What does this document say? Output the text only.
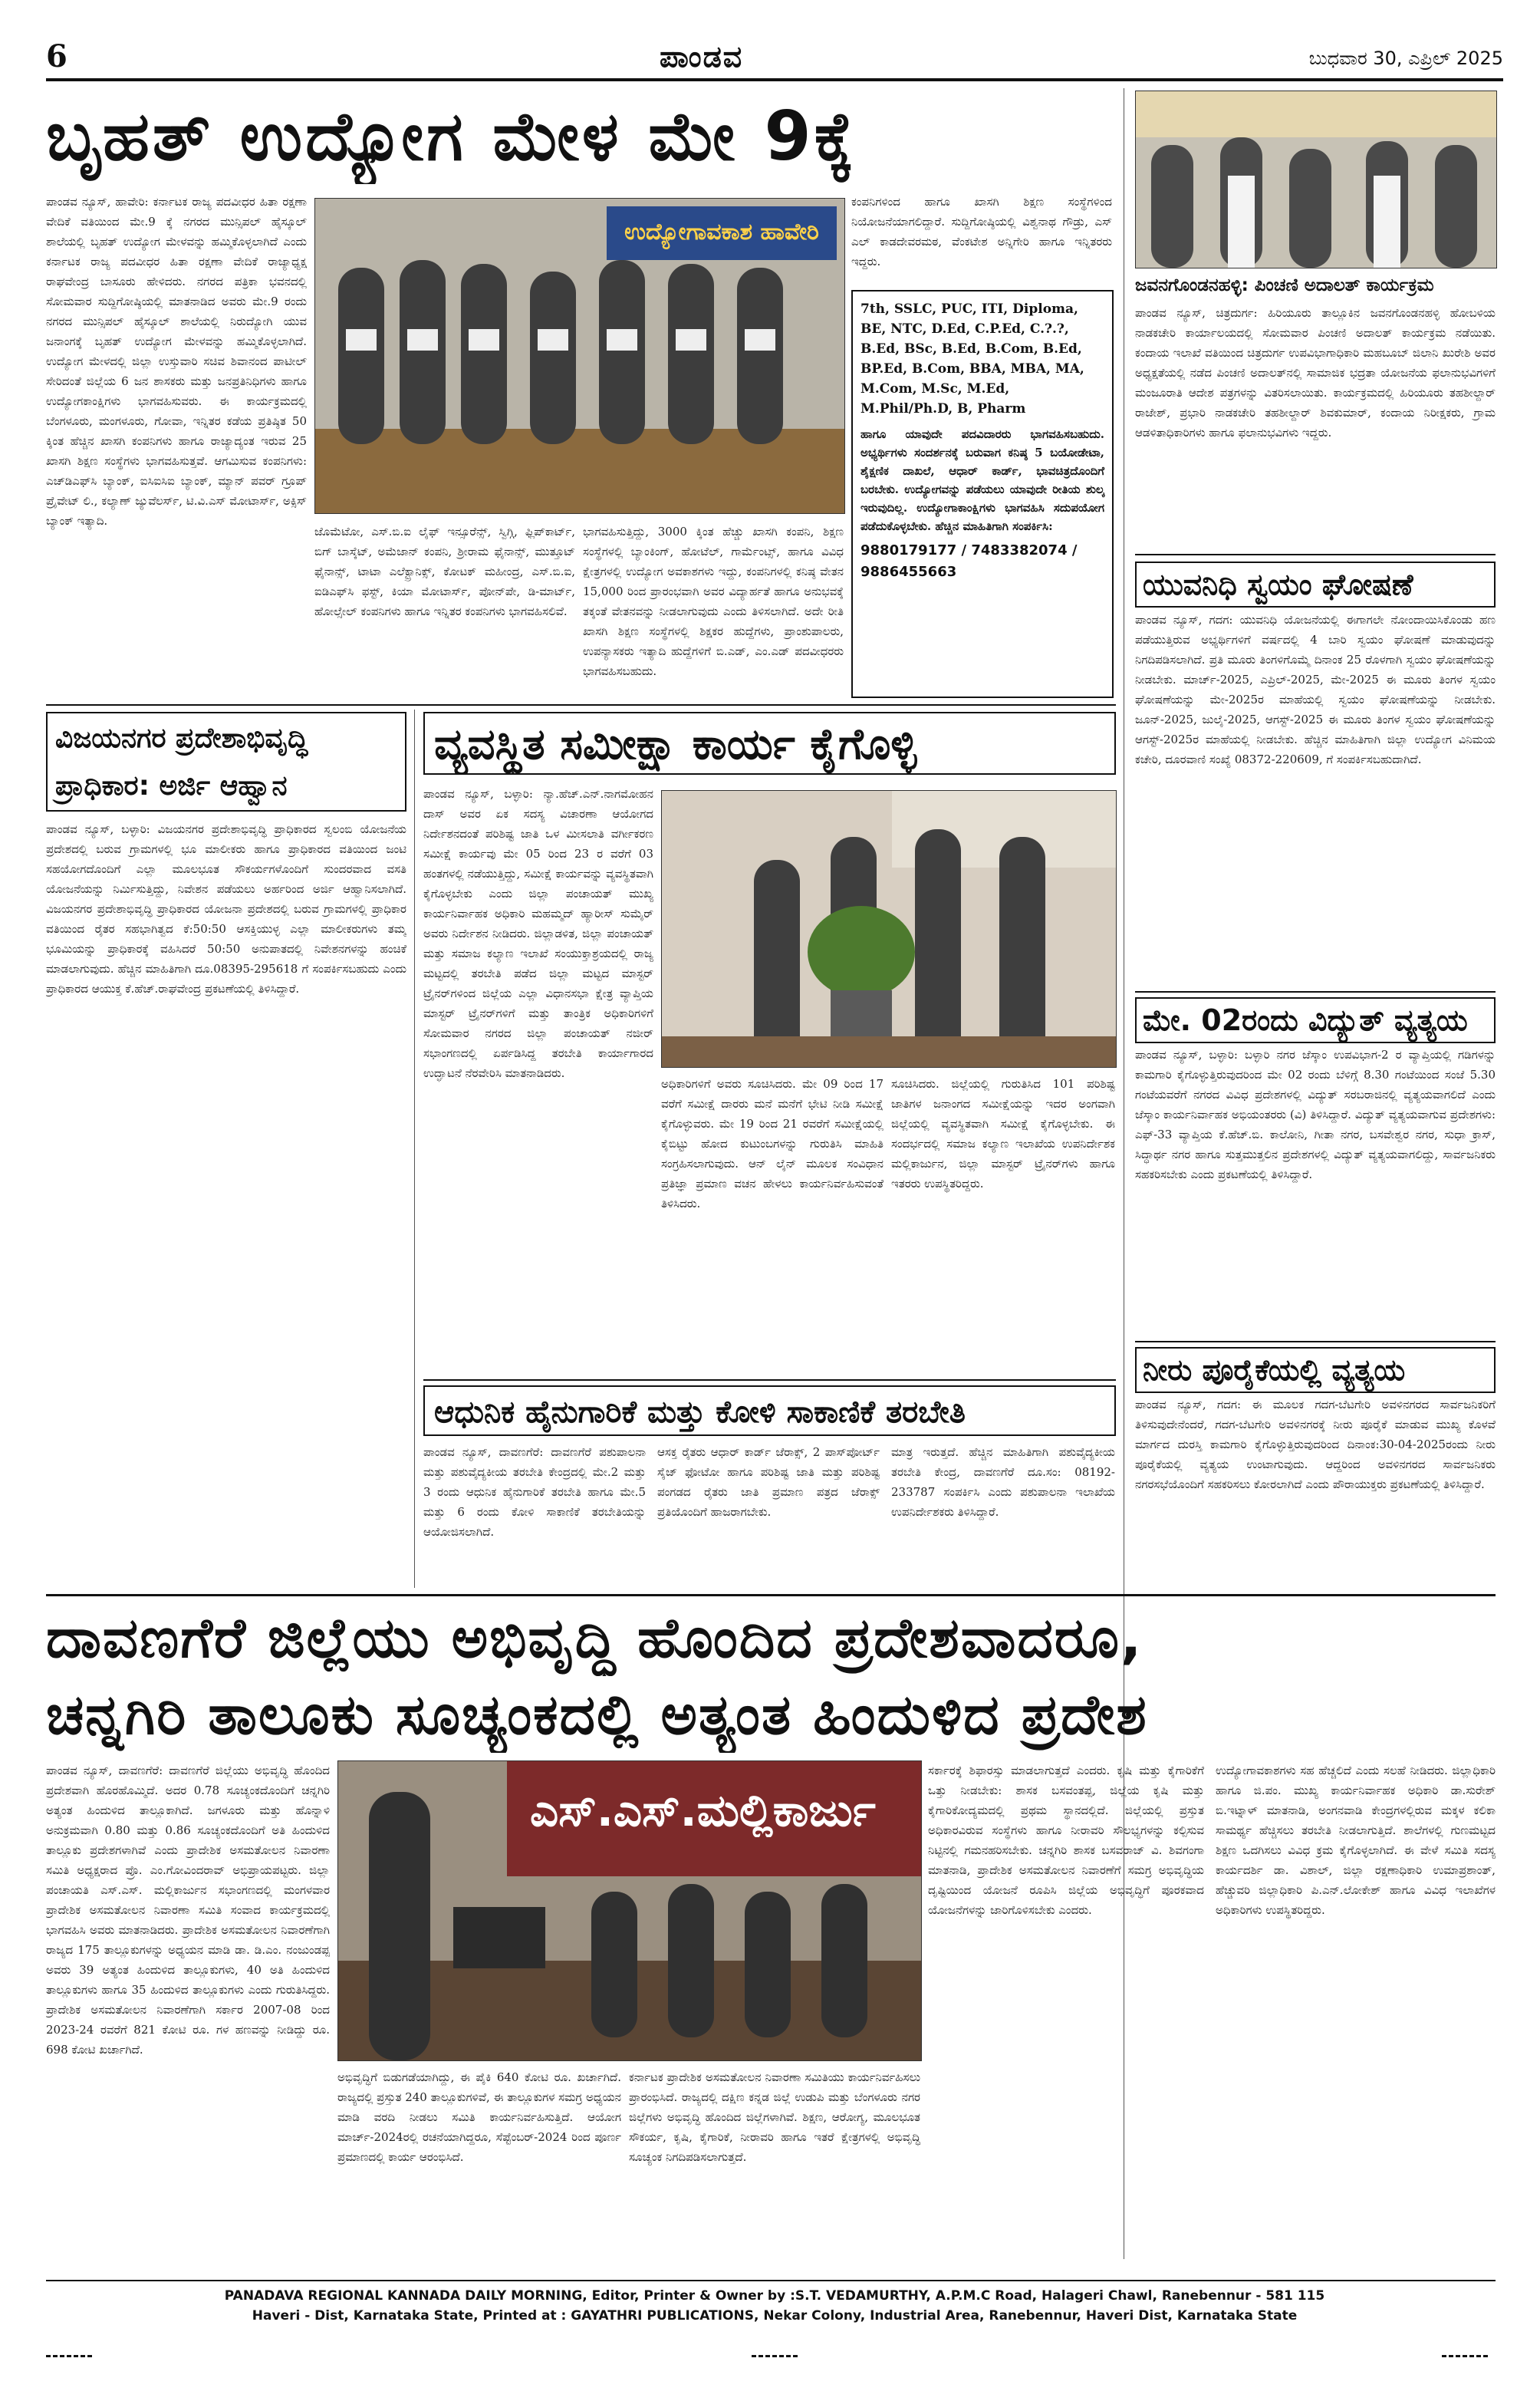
6	ಪಾಂಡವ	ಬುಧವಾರ 30, ಎಪ್ರಿಲ್ 2025
ಬೃಹತ್ ಉದ್ಯೋಗ ಮೇಳ ಮೇ 9ಕ್ಕೆ
ಪಾಂಡವ ನ್ಯೂಸ್, ಹಾವೇರಿ: ಕರ್ನಾಟಕ ರಾಜ್ಯ ಪದವೀಧರ ಹಿತಾ ರಕ್ಷಣಾ ವೇದಿಕೆ ವತಿಯಿಂದ ಮೇ.9 ಕ್ಕೆ ನಗರದ ಮುನ್ಸಿಪಲ್ ಹೈಸ್ಕೂಲ್ ಶಾಲೆಯಲ್ಲಿ ಬೃಹತ್ ಉದ್ಯೋಗ ಮೇಳವನ್ನು ಹಮ್ಮಿಕೊಳ್ಳಲಾಗಿದೆ ಎಂದು ಕರ್ನಾಟಕ ರಾಜ್ಯ ಪದವೀಧರ ಹಿತಾ ರಕ್ಷಣಾ ವೇದಿಕೆ ರಾಜ್ಯಾಧ್ಯಕ್ಷ ರಾಘವೇಂದ್ರ ಬಾಸೂರು ಹೇಳಿದರು. ನಗರದ ಪತ್ರಿಕಾ ಭವನದಲ್ಲಿ ಸೋಮವಾರ ಸುದ್ದಿಗೋಷ್ಠಿಯಲ್ಲಿ ಮಾತನಾಡಿದ ಅವರು ಮೇ.9 ರಂದು ನಗರದ ಮುನ್ಸಿಪಲ್ ಹೈಸ್ಕೂಲ್ ಶಾಲೆಯಲ್ಲಿ ನಿರುದ್ಯೋಗಿ ಯುವ ಜನಾಂಗಕ್ಕೆ ಬೃಹತ್ ಉದ್ಯೋಗ ಮೇಳವನ್ನು ಹಮ್ಮಿಕೊಳ್ಳಲಾಗಿದೆ. ಉದ್ಯೋಗ ಮೇಳದಲ್ಲಿ ಜಿಲ್ಲಾ ಉಸ್ತುವಾರಿ ಸಚಿವ ಶಿವಾನಂದ ಪಾಟೀಲ್ ಸೇರಿದಂತೆ ಜಿಲ್ಲೆಯ 6 ಜನ ಶಾಸಕರು ಮತ್ತು ಜನಪ್ರತಿನಿಧಿಗಳು ಹಾಗೂ ಉದ್ಯೋಗಕಾಂಕ್ಷಿಗಳು ಭಾಗವಹಿಸುವರು. ಈ ಕಾರ್ಯಕ್ರಮದಲ್ಲಿ ಬೆಂಗಳೂರು, ಮಂಗಳೂರು, ಗೋವಾ, ಇನ್ನಿತರ ಕಡೆಯ ಪ್ರತಿಷ್ಠಿತ 50 ಕ್ಕಿಂತ ಹೆಚ್ಚಿನ ಖಾಸಗಿ ಕಂಪನಿಗಳು ಹಾಗೂ ರಾಜ್ಯಾದ್ಯಂತ ಇರುವ 25 ಖಾಸಗಿ ಶಿಕ್ಷಣ ಸಂಸ್ಥೆಗಳು ಭಾಗವಹಿಸುತ್ತವೆ. ಆಗಮಿಸುವ ಕಂಪನಿಗಳು: ಎಚ್‌ಡಿ‌ಎಫ್‌ಸಿ ಬ್ಯಾಂಕ್, ಐಸಿಐಸಿಐ ಬ್ಯಾಂಕ್, ಮ್ಯಾನ್ ಪವರ್ ಗ್ರೂಪ್ ಪ್ರೈವೇಟ್ ಲಿ., ಕಲ್ಯಾಣ್ ಜ್ಯುವೆಲರ್ಸ್, ಟಿ.ವಿ.ಎಸ್ ಮೋಟಾರ್ಸ್, ಅಕ್ಸಿಸ್ ಬ್ಯಾಂಕ್ ಇತ್ಯಾದಿ.
ಉದ್ಯೋಗಾವಕಾಶ ಹಾವೇರಿ
ಜೊಮೆಟೋ, ಎಸ್.ಬಿ.ಐ ಲೈಫ್ ಇನ್ಸೂರೆನ್ಸ್, ಸ್ವಿಗ್ಗಿ, ಫ್ಲಿಪ್‌ಕಾರ್ಟ್, ಬಿಗ್ ಬಾಸ್ಕೆಟ್, ಅಮೆಜಾನ್ ಕಂಪನಿ, ಶ್ರೀರಾಮ ಫೈನಾನ್ಸ್, ಮುತ್ತೂಟ್ ಫೈನಾನ್ಸ್, ಟಾಟಾ ಎಲೆಕ್ಟ್ರಾನಿಕ್ಸ್, ಕೋಟಕ್ ಮಹೀಂದ್ರ, ಎಸ್.ಬಿ.ಐ, ಐಡಿಎಫ್‌ಸಿ ಫಸ್ಟ್, ಕಿಯಾ ಮೋಟಾರ್ಸ್, ಪೋನ್‌ಪೇ, ಡಿ-ಮಾರ್ಟ್, ಹೋಲ್ಸೇಲ್ ಕಂಪನಿಗಳು ಹಾಗೂ ಇನ್ನಿತರ ಕಂಪನಿಗಳು ಭಾಗವಹಿಸಲಿವೆ.
ಭಾಗವಹಿಸುತ್ತಿದ್ದು, 3000 ಕ್ಕಿಂತ ಹೆಚ್ಚು ಖಾಸಗಿ ಕಂಪನಿ, ಶಿಕ್ಷಣ ಸಂಸ್ಥೆಗಳಲ್ಲಿ ಬ್ಯಾಂಕಿಂಗ್, ಹೋಟೆಲ್, ಗಾರ್ಮೆಂಟ್ಸ್, ಹಾಗೂ ವಿವಿಧ ಕ್ಷೇತ್ರಗಳಲ್ಲಿ ಉದ್ಯೋಗ ಅವಕಾಶಗಳು ಇದ್ದು, ಕಂಪನಿಗಳಲ್ಲಿ ಕನಿಷ್ಠ ವೇತನ 15,000 ರಿಂದ ಪ್ರಾರಂಭವಾಗಿ ಅವರ ವಿದ್ಯಾರ್ಹತೆ ಹಾಗೂ ಅನುಭವಕ್ಕೆ ತಕ್ಕಂತೆ ವೇತನವನ್ನು ನೀಡಲಾಗುವುದು ಎಂದು ತಿಳಿಸಲಾಗಿದೆ. ಅದೇ ರೀತಿ ಖಾಸಗಿ ಶಿಕ್ಷಣ ಸಂಸ್ಥೆಗಳಲ್ಲಿ ಶಿಕ್ಷಕರ ಹುದ್ದೆಗಳು, ಪ್ರಾಂಶುಪಾಲರು, ಉಪನ್ಯಾಸಕರು ಇತ್ಯಾದಿ ಹುದ್ದೆಗಳಿಗೆ ಬಿ.ಎಡ್, ಎಂ.ಎಡ್ ಪದವೀಧರರು ಭಾಗವಹಿಸಬಹುದು.
ಕಂಪನಿಗಳಿಂದ ಹಾಗೂ ಖಾಸಗಿ ಶಿಕ್ಷಣ ಸಂಸ್ಥೆಗಳಿಂದ ನಿಯೋಜನೆಯಾಗಲಿದ್ದಾರೆ. ಸುದ್ದಿಗೋಷ್ಠಿಯಲ್ಲಿ ವಿಶ್ವನಾಥ ಗೌಡ್ರು, ಎಸ್ ಎಲ್ ಕಾಡದೇವರಮಠ, ವೆಂಕಟೇಶ ಅನ್ನಿಗೇರಿ ಹಾಗೂ ಇನ್ನಿತರರು ಇದ್ದರು.
7th, SSLC, PUC, ITI, Diploma, BE, NTC, D.Ed, C.P.Ed, C.?.?, B.Ed, BSc, B.Ed, B.Com, B.Ed, BP.Ed, B.Com, BBA, MBA, MA, M.Com, M.Sc, M.Ed, M.Phil/Ph.D, B, Pharm
ಹಾಗೂ ಯಾವುದೇ ಪದವಿದಾರರು ಭಾಗವಹಿಸಬಹುದು. ಅಭ್ಯರ್ಥಿಗಳು ಸಂದರ್ಶನಕ್ಕೆ ಬರುವಾಗ ಕನಿಷ್ಠ 5 ಬಯೋಡೇಟಾ, ಶೈಕ್ಷಣಿಕ ದಾಖಲೆ, ಆಧಾರ್ ಕಾರ್ಡ್, ಭಾವಚಿತ್ರದೊಂದಿಗೆ ಬರಬೇಕು. ಉದ್ಯೋಗವನ್ನು ಪಡೆಯಲು ಯಾವುದೇ ರೀತಿಯ ಶುಲ್ಕ ಇರುವುದಿಲ್ಲ. ಉದ್ಯೋಗಾಕಾಂಕ್ಷಿಗಳು ಭಾಗವಹಿಸಿ ಸದುಪಯೋಗ ಪಡೆದುಕೊಳ್ಳಬೇಕು. ಹೆಚ್ಚಿನ ಮಾಹಿತಿಗಾಗಿ ಸಂಪರ್ಕಿಸಿ:
9880179177 / 7483382074 / 9886455663
ಜವನಗೊಂಡನಹಳ್ಳಿ: ಪಿಂಚಣಿ ಅದಾಲತ್ ಕಾರ್ಯಕ್ರಮ
ಪಾಂಡವ ನ್ಯೂಸ್, ಚಿತ್ರದುರ್ಗ: ಹಿರಿಯೂರು ತಾಲ್ಲೂಕಿನ ಜವನಗೊಂಡನಹಳ್ಳಿ ಹೋಬಳಿಯ ನಾಡಕಚೇರಿ ಕಾರ್ಯಾಲಯದಲ್ಲಿ ಸೋಮವಾರ ಪಿಂಚಣಿ ಅದಾಲತ್ ಕಾರ್ಯಕ್ರಮ ನಡೆಯಿತು. ಕಂದಾಯ ಇಲಾಖೆ ವತಿಯಿಂದ ಚಿತ್ರದುರ್ಗ ಉಪವಿಭಾಗಾಧಿಕಾರಿ ಮಹಬೂಬ್ ಜಿಲಾನಿ ಖುರೇಶಿ ಅವರ ಅಧ್ಯಕ್ಷತೆಯಲ್ಲಿ ನಡೆದ ಪಿಂಚಣಿ ಅದಾಲತ್‌ನಲ್ಲಿ ಸಾಮಾಜಿಕ ಭದ್ರತಾ ಯೋಜನೆಯ ಫಲಾನುಭವಿಗಳಿಗೆ ಮಂಜೂರಾತಿ ಆದೇಶ ಪತ್ರಗಳನ್ನು ವಿತರಿಸಲಾಯಿತು. ಕಾರ್ಯಕ್ರಮದಲ್ಲಿ ಹಿರಿಯೂರು ತಹಶೀಲ್ದಾರ್ ರಾಜೇಶ್, ಪ್ರಭಾರಿ ನಾಡಕಚೇರಿ ತಹಶೀಲ್ದಾರ್ ಶಿವಕುಮಾರ್, ಕಂದಾಯ ನಿರೀಕ್ಷಕರು, ಗ್ರಾಮ ಆಡಳಿತಾಧಿಕಾರಿಗಳು ಹಾಗೂ ಫಲಾನುಭವಿಗಳು ಇದ್ದರು.
ಯುವನಿಧಿ ಸ್ವಯಂ ಘೋಷಣೆ
ಪಾಂಡವ ನ್ಯೂಸ್, ಗದಗ: ಯುವನಿಧಿ ಯೋಜನೆಯಲ್ಲಿ ಈಗಾಗಲೇ ನೋಂದಾಯಿಸಿಕೊಂಡು ಹಣ ಪಡೆಯುತ್ತಿರುವ ಅಭ್ಯರ್ಥಿಗಳಿಗೆ ವರ್ಷದಲ್ಲಿ 4 ಬಾರಿ ಸ್ವಯಂ ಘೋಷಣೆ ಮಾಡುವುದನ್ನು ನಿಗದಿಪಡಿಸಲಾಗಿದೆ. ಪ್ರತಿ ಮೂರು ತಿಂಗಳಿಗೊಮ್ಮೆ ದಿನಾಂಕ 25 ರೊಳಗಾಗಿ ಸ್ವಯಂ ಘೋಷಣೆಯನ್ನು ನೀಡಬೇಕು. ಮಾರ್ಚ್-2025, ಎಪ್ರಿಲ್-2025, ಮೇ-2025 ಈ ಮೂರು ತಿಂಗಳ ಸ್ವಯಂ ಘೋಷಣೆಯನ್ನು ಮೇ-2025ರ ಮಾಹೆಯಲ್ಲಿ ಸ್ವಯಂ ಘೋಷಣೆಯನ್ನು ನೀಡಬೇಕು. ಜೂನ್-2025, ಜುಲೈ-2025, ಆಗಸ್ಟ್-2025 ಈ ಮೂರು ತಿಂಗಳ ಸ್ವಯಂ ಘೋಷಣೆಯನ್ನು ಆಗಸ್ಟ್-2025ರ ಮಾಹೆಯಲ್ಲಿ ನೀಡಬೇಕು. ಹೆಚ್ಚಿನ ಮಾಹಿತಿಗಾಗಿ ಜಿಲ್ಲಾ ಉದ್ಯೋಗ ವಿನಿಮಯ ಕಚೇರಿ, ದೂರವಾಣಿ ಸಂಖ್ಯೆ 08372-220609, ಗೆ ಸಂಪರ್ಕಿಸಬಹುದಾಗಿದೆ.
ಮೇ. 02ರಂದು ವಿದ್ಯುತ್ ವ್ಯತ್ಯಯ
ಪಾಂಡವ ನ್ಯೂಸ್, ಬಳ್ಳಾರಿ: ಬಳ್ಳಾರಿ ನಗರ ಜೆಸ್ಕಾಂ ಉಪವಿಭಾಗ-2 ರ ವ್ಯಾಪ್ತಿಯಲ್ಲಿ ಗಡಿಗಳನ್ನು ಕಾಮಗಾರಿ ಕೈಗೊಳ್ಳುತ್ತಿರುವುದರಿಂದ ಮೇ 02 ರಂದು ಬೆಳಿಗ್ಗೆ 8.30 ಗಂಟೆಯಿಂದ ಸಂಜೆ 5.30 ಗಂಟೆಯವರೆಗೆ ನಗರದ ವಿವಿಧ ಪ್ರದೇಶಗಳಲ್ಲಿ ವಿದ್ಯುತ್ ಸರಬರಾಜಿನಲ್ಲಿ ವ್ಯತ್ಯಯವಾಗಲಿದೆ ಎಂದು ಜೆಸ್ಕಾಂ ಕಾರ್ಯನಿರ್ವಾಹಕ ಅಭಿಯಂತರರು (ವಿ) ತಿಳಿಸಿದ್ದಾರೆ. ವಿದ್ಯುತ್ ವ್ಯತ್ಯಯವಾಗುವ ಪ್ರದೇಶಗಳು: ಎಫ್-33 ವ್ಯಾಪ್ತಿಯ ಕೆ.ಹೆಚ್.ಬಿ. ಕಾಲೋನಿ, ಗೀತಾ ನಗರ, ಬಸವೇಶ್ವರ ನಗರ, ಸುಧಾ ಕ್ರಾಸ್, ಸಿದ್ಧಾರ್ಥ ನಗರ ಹಾಗೂ ಸುತ್ತಮುತ್ತಲಿನ ಪ್ರದೇಶಗಳಲ್ಲಿ ವಿದ್ಯುತ್ ವ್ಯತ್ಯಯವಾಗಲಿದ್ದು, ಸಾರ್ವಜನಿಕರು ಸಹಕರಿಸಬೇಕು ಎಂದು ಪ್ರಕಟಣೆಯಲ್ಲಿ ತಿಳಿಸಿದ್ದಾರೆ.
ನೀರು ಪೂರೈಕೆಯಲ್ಲಿ ವ್ಯತ್ಯಯ
ಪಾಂಡವ ನ್ಯೂಸ್, ಗದಗ: ಈ ಮೂಲಕ ಗದಗ-ಬೆಟಗೇರಿ ಅವಳಿನಗರದ ಸಾರ್ವಜನಿಕರಿಗೆ ತಿಳಿಸುವುದೇನೆಂದರೆ, ಗದಗ-ಬೆಟಗೇರಿ ಅವಳಿನಗರಕ್ಕೆ ನೀರು ಪೂರೈಕೆ ಮಾಡುವ ಮುಖ್ಯ ಕೊಳವೆ ಮಾರ್ಗದ ದುರಸ್ತಿ ಕಾಮಗಾರಿ ಕೈಗೊಳ್ಳುತ್ತಿರುವುದರಿಂದ ದಿನಾಂಕ:30-04-2025ರಂದು ನೀರು ಪೂರೈಕೆಯಲ್ಲಿ ವ್ಯತ್ಯಯ ಉಂಟಾಗುವುದು. ಆದ್ದರಿಂದ ಅವಳಿನಗರದ ಸಾರ್ವಜನಿಕರು ನಗರಸಭೆಯೊಂದಿಗೆ ಸಹಕರಿಸಲು ಕೋರಲಾಗಿದೆ ಎಂದು ಪೌರಾಯುಕ್ತರು ಪ್ರಕಟಣೆಯಲ್ಲಿ ತಿಳಿಸಿದ್ದಾರೆ.
ವಿಜಯನಗರ ಪ್ರದೇಶಾಭಿವೃದ್ಧಿ ಪ್ರಾಧಿಕಾರ: ಅರ್ಜಿ ಆಹ್ವಾನ
ಪಾಂಡವ ನ್ಯೂಸ್, ಬಳ್ಳಾರಿ: ವಿಜಯನಗರ ಪ್ರದೇಶಾಭಿವೃದ್ಧಿ ಪ್ರಾಧಿಕಾರದ ಸ್ವಲಂಬಿ ಯೋಜನೆಯ ಪ್ರದೇಶದಲ್ಲಿ ಬರುವ ಗ್ರಾಮಗಳಲ್ಲಿ ಭೂ ಮಾಲೀಕರು ಹಾಗೂ ಪ್ರಾಧಿಕಾರದ ವತಿಯಿಂದ ಜಂಟಿ ಸಹಯೋಗದೊಂದಿಗೆ ಎಲ್ಲಾ ಮೂಲಭೂತ ಸೌಕರ್ಯಗಳೊಂದಿಗೆ ಸುಂದರವಾದ ವಸತಿ ಯೋಜನೆಯನ್ನು ನಿರ್ಮಿಸುತ್ತಿದ್ದು, ನಿವೇಶನ ಪಡೆಯಲು ಅರ್ಹರಿಂದ ಅರ್ಜಿ ಆಹ್ವಾನಿಸಲಾಗಿದೆ. ವಿಜಯನಗರ ಪ್ರದೇಶಾಭಿವೃದ್ಧಿ ಪ್ರಾಧಿಕಾರದ ಯೋಜನಾ ಪ್ರದೇಶದಲ್ಲಿ ಬರುವ ಗ್ರಾಮಗಳಲ್ಲಿ ಪ್ರಾಧಿಕಾರ ವತಿಯಿಂದ ರೈತರ ಸಹಭಾಗಿತ್ವದ ಕೆ:50:50 ಆಸಕ್ತಿಯುಳ್ಳ ಎಲ್ಲಾ ಮಾಲೀಕರುಗಳು ತಮ್ಮ ಭೂಮಿಯನ್ನು ಪ್ರಾಧಿಕಾರಕ್ಕೆ ವಹಿಸಿದರೆ 50:50 ಅನುಪಾತದಲ್ಲಿ ನಿವೇಶನಗಳನ್ನು ಹಂಚಿಕೆ ಮಾಡಲಾಗುವುದು. ಹೆಚ್ಚಿನ ಮಾಹಿತಿಗಾಗಿ ದೂ.08395-295618 ಗೆ ಸಂಪರ್ಕಿಸಬಹುದು ಎಂದು ಪ್ರಾಧಿಕಾರದ ಆಯುಕ್ತ ಕೆ.ಹೆಚ್.ರಾಘವೇಂದ್ರ ಪ್ರಕಟಣೆಯಲ್ಲಿ ತಿಳಿಸಿದ್ದಾರೆ.
ವ್ಯವಸ್ಥಿತ ಸಮೀಕ್ಷಾ ಕಾರ್ಯ ಕೈಗೊಳ್ಳಿ
ಪಾಂಡವ ನ್ಯೂಸ್, ಬಳ್ಳಾರಿ: ನ್ಯಾ.ಹೆಚ್.ಎನ್.ನಾಗಮೋಹನ ದಾಸ್ ಅವರ ಏಕ ಸದಸ್ಯ ವಿಚಾರಣಾ ಆಯೋಗದ ನಿರ್ದೇಶನದಂತೆ ಪರಿಶಿಷ್ಟ ಜಾತಿ ಒಳ ಮೀಸಲಾತಿ ವರ್ಗೀಕರಣ ಸಮೀಕ್ಷೆ ಕಾರ್ಯವು ಮೇ 05 ರಿಂದ 23 ರ ವರೆಗೆ 03 ಹಂತಗಳಲ್ಲಿ ನಡೆಯುತ್ತಿದ್ದು, ಸಮೀಕ್ಷೆ ಕಾರ್ಯವನ್ನು ವ್ಯವಸ್ಥಿತವಾಗಿ ಕೈಗೊಳ್ಳಬೇಕು ಎಂದು ಜಿಲ್ಲಾ ಪಂಚಾಯತ್ ಮುಖ್ಯ ಕಾರ್ಯನಿರ್ವಾಹಕ ಅಧಿಕಾರಿ ಮಹಮ್ಮದ್ ಹ್ಯಾರೀಸ್ ಸುಮೈರ್ ಅವರು ನಿರ್ದೇಶನ ನೀಡಿದರು. ಜಿಲ್ಲಾಡಳಿತ, ಜಿಲ್ಲಾ ಪಂಚಾಯತ್ ಮತ್ತು ಸಮಾಜ ಕಲ್ಯಾಣ ಇಲಾಖೆ ಸಂಯುಕ್ತಾಶ್ರಯದಲ್ಲಿ ರಾಜ್ಯ ಮಟ್ಟದಲ್ಲಿ ತರಬೇತಿ ಪಡೆದ ಜಿಲ್ಲಾ ಮಟ್ಟದ ಮಾಸ್ಟರ್ ಟ್ರೈನರ್‌ಗಳಿಂದ ಜಿಲ್ಲೆಯ ಎಲ್ಲಾ ವಿಧಾನಸಭಾ ಕ್ಷೇತ್ರ ವ್ಯಾಪ್ತಿಯ ಮಾಸ್ಟರ್ ಟ್ರೈನರ್‌ಗಳಿಗೆ ಮತ್ತು ತಾಂತ್ರಿಕ ಅಧಿಕಾರಿಗಳಿಗೆ ಸೋಮವಾರ ನಗರದ ಜಿಲ್ಲಾ ಪಂಚಾಯತ್ ನಜೀರ್ ಸಭಾಂಗಣದಲ್ಲಿ ಏರ್ಪಡಿಸಿದ್ದ ತರಬೇತಿ ಕಾರ್ಯಾಗಾರದ ಉದ್ಘಾಟನೆ ನೆರವೇರಿಸಿ ಮಾತನಾಡಿದರು.
ಅಧಿಕಾರಿಗಳಿಗೆ ಅವರು ಸೂಚಿಸಿದರು. ಮೇ 09 ರಿಂದ 17 ವರೆಗೆ ಸಮೀಕ್ಷೆ ದಾರರು ಮನೆ ಮನೆಗೆ ಭೇಟಿ ನೀಡಿ ಸಮೀಕ್ಷೆ ಕೈಗೊಳ್ಳುವರು. ಮೇ 19 ರಿಂದ 21 ರವರೆಗೆ ಸಮೀಕ್ಷೆಯಲ್ಲಿ ಕೈಬಿಟ್ಟು ಹೋದ ಕುಟುಂಬಗಳನ್ನು ಗುರುತಿಸಿ ಮಾಹಿತಿ ಸಂಗ್ರಹಿಸಲಾಗುವುದು. ಆನ್ ಲೈನ್ ಮೂಲಕ ಸಂವಿಧಾನ ಪ್ರತಿಜ್ಞಾ ಪ್ರಮಾಣ ವಚನ ಹೇಳಲು ಕಾರ್ಯನಿರ್ವಹಿಸುವಂತೆ ತಿಳಿಸಿದರು.
ಸೂಚಿಸಿದರು. ಜಿಲ್ಲೆಯಲ್ಲಿ ಗುರುತಿಸಿದ 101 ಪರಿಶಿಷ್ಟ ಜಾತಿಗಳ ಜನಾಂಗದ ಸಮೀಕ್ಷೆಯನ್ನು ಇದರ ಅಂಗವಾಗಿ ಜಿಲ್ಲೆಯಲ್ಲಿ ವ್ಯವಸ್ಥಿತವಾಗಿ ಸಮೀಕ್ಷೆ ಕೈಗೊಳ್ಳಬೇಕು. ಈ ಸಂದರ್ಭದಲ್ಲಿ ಸಮಾಜ ಕಲ್ಯಾಣ ಇಲಾಖೆಯ ಉಪನಿರ್ದೇಶಕ ಮಲ್ಲಿಕಾರ್ಜುನ, ಜಿಲ್ಲಾ ಮಾಸ್ಟರ್ ಟ್ರೈನರ್‌ಗಳು ಹಾಗೂ ಇತರರು ಉಪಸ್ಥಿತರಿದ್ದರು.
ಆಧುನಿಕ ಹೈನುಗಾರಿಕೆ ಮತ್ತು ಕೋಳಿ ಸಾಕಾಣಿಕೆ ತರಬೇತಿ
ಪಾಂಡವ ನ್ಯೂಸ್, ದಾವಣಗೆರೆ: ದಾವಣಗೆರೆ ಪಶುಪಾಲನಾ ಮತ್ತು ಪಶುವೈದ್ಯಕೀಯ ತರಬೇತಿ ಕೇಂದ್ರದಲ್ಲಿ ಮೇ.2 ಮತ್ತು 3 ರಂದು ಆಧುನಿಕ ಹೈನುಗಾರಿಕೆ ತರಬೇತಿ ಹಾಗೂ ಮೇ.5 ಮತ್ತು 6 ರಂದು ಕೋಳಿ ಸಾಕಾಣಿಕೆ ತರಬೇತಿಯನ್ನು ಆಯೋಜಿಸಲಾಗಿದೆ.
ಆಸಕ್ತ ರೈತರು ಆಧಾರ್ ಕಾರ್ಡ್ ಜೆರಾಕ್ಸ್, 2 ಪಾಸ್‌ಪೋರ್ಟ್ ಸೈಜ್ ಫೋಟೋ ಹಾಗೂ ಪರಿಶಿಷ್ಟ ಜಾತಿ ಮತ್ತು ಪರಿಶಿಷ್ಟ ಪಂಗಡದ ರೈತರು ಜಾತಿ ಪ್ರಮಾಣ ಪತ್ರದ ಜೆರಾಕ್ಸ್ ಪ್ರತಿಯೊಂದಿಗೆ ಹಾಜರಾಗಬೇಕು.
ಮಾತ್ರ ಇರುತ್ತದೆ. ಹೆಚ್ಚಿನ ಮಾಹಿತಿಗಾಗಿ ಪಶುವೈದ್ಯಕೀಯ ತರಬೇತಿ ಕೇಂದ್ರ, ದಾವಣಗೆರೆ ದೂ.ಸಂ: 08192-233787 ಸಂಪರ್ಕಿಸಿ ಎಂದು ಪಶುಪಾಲನಾ ಇಲಾಖೆಯ ಉಪನಿರ್ದೇಶಕರು ತಿಳಿಸಿದ್ದಾರೆ.
ದಾವಣಗೆರೆ ಜಿಲ್ಲೆಯು ಅಭಿವೃದ್ಧಿ ಹೊಂದಿದ ಪ್ರದೇಶವಾದರೂ,
ಚನ್ನಗಿರಿ ತಾಲೂಕು ಸೂಚ್ಯಂಕದಲ್ಲಿ ಅತ್ಯಂತ ಹಿಂದುಳಿದ ಪ್ರದೇಶ
ಪಾಂಡವ ನ್ಯೂಸ್, ದಾವಣಗೆರೆ: ದಾವಣಗೆರೆ ಜಿಲ್ಲೆಯು ಅಭಿವೃದ್ಧಿ ಹೊಂದಿದ ಪ್ರದೇಶವಾಗಿ ಹೊರಹೊಮ್ಮಿದೆ. ಅದರ 0.78 ಸೂಚ್ಯಂಕದೊಂದಿಗೆ ಚನ್ನಗಿರಿ ಅತ್ಯಂತ ಹಿಂದುಳಿದ ತಾಲ್ಲೂಕಾಗಿದೆ. ಜಗಳೂರು ಮತ್ತು ಹೊನ್ನಾಳಿ ಅನುಕ್ರಮವಾಗಿ 0.80 ಮತ್ತು 0.86 ಸೂಚ್ಯಂಕದೊಂದಿಗೆ ಅತಿ ಹಿಂದುಳಿದ ತಾಲ್ಲೂಕು ಪ್ರದೇಶಗಳಾಗಿವೆ ಎಂದು ಪ್ರಾದೇಶಿಕ ಅಸಮತೋಲನ ನಿವಾರಣಾ ಸಮಿತಿ ಅಧ್ಯಕ್ಷರಾದ ಪ್ರೊ. ಎಂ.ಗೋವಿಂದರಾವ್ ಅಭಿಪ್ರಾಯಪಟ್ಟರು. ಜಿಲ್ಲಾ ಪಂಚಾಯತಿ ಎಸ್.ಎಸ್. ಮಲ್ಲಿಕಾರ್ಜುನ ಸಭಾಂಗಣದಲ್ಲಿ ಮಂಗಳವಾರ ಪ್ರಾದೇಶಿಕ ಅಸಮತೋಲನ ನಿವಾರಣಾ ಸಮಿತಿ ಸಂವಾದ ಕಾರ್ಯಕ್ರಮದಲ್ಲಿ ಭಾಗವಹಿಸಿ ಅವರು ಮಾತನಾಡಿದರು. ಪ್ರಾದೇಶಿಕ ಅಸಮತೋಲನ ನಿವಾರಣೆಗಾಗಿ ರಾಜ್ಯದ 175 ತಾಲ್ಲೂಕುಗಳನ್ನು ಅಧ್ಯಯನ ಮಾಡಿ ಡಾ. ಡಿ.ಎಂ. ನಂಜುಂಡಪ್ಪ ಅವರು 39 ಅತ್ಯಂತ ಹಿಂದುಳಿದ ತಾಲ್ಲೂಕುಗಳು, 40 ಅತಿ ಹಿಂದುಳಿದ ತಾಲ್ಲೂಕುಗಳು ಹಾಗೂ 35 ಹಿಂದುಳಿದ ತಾಲ್ಲೂಕುಗಳು ಎಂದು ಗುರುತಿಸಿದ್ದರು. ಪ್ರಾದೇಶಿಕ ಅಸಮತೋಲನ ನಿವಾರಣೆಗಾಗಿ ಸರ್ಕಾರ 2007-08 ರಿಂದ 2023-24 ರವರೆಗೆ 821 ಕೋಟಿ ರೂ. ಗಳ ಹಣವನ್ನು ನೀಡಿದ್ದು ರೂ. 698 ಕೋಟಿ ಖರ್ಚಾಗಿದೆ.
ಎಸ್.ಎಸ್.ಮಲ್ಲಿಕಾರ್ಜು
ಅಭಿವೃದ್ಧಿಗೆ ಬಿಡುಗಡೆಯಾಗಿದ್ದು, ಈ ಪೈಕಿ 640 ಕೋಟಿ ರೂ. ಖರ್ಚಾಗಿದೆ. ರಾಜ್ಯದಲ್ಲಿ ಪ್ರಸ್ತುತ 240 ತಾಲ್ಲೂಕುಗಳಿವೆ, ಈ ತಾಲ್ಲೂಕುಗಳ ಸಮಗ್ರ ಅಧ್ಯಯನ ಮಾಡಿ ವರದಿ ನೀಡಲು ಸಮಿತಿ ಕಾರ್ಯನಿರ್ವಹಿಸುತ್ತಿದೆ. ಆಯೋಗ ಮಾರ್ಚ್-2024ರಲ್ಲಿ ರಚನೆಯಾಗಿದ್ದರೂ, ಸೆಪ್ಟೆಂಬರ್-2024 ರಿಂದ ಪೂರ್ಣ ಪ್ರಮಾಣದಲ್ಲಿ ಕಾರ್ಯ ಆರಂಭಿಸಿದೆ.
ಕರ್ನಾಟಕ ಪ್ರಾದೇಶಿಕ ಅಸಮತೋಲನ ನಿವಾರಣಾ ಸಮಿತಿಯು ಕಾರ್ಯನಿರ್ವಹಿಸಲು ಪ್ರಾರಂಭಿಸಿದೆ. ರಾಜ್ಯದಲ್ಲಿ ದಕ್ಷಿಣ ಕನ್ನಡ ಜಿಲ್ಲೆ ಉಡುಪಿ ಮತ್ತು ಬೆಂಗಳೂರು ನಗರ ಜಿಲ್ಲೆಗಳು ಅಭಿವೃದ್ಧಿ ಹೊಂದಿದ ಜಿಲ್ಲೆಗಳಾಗಿವೆ. ಶಿಕ್ಷಣ, ಆರೋಗ್ಯ, ಮೂಲಭೂತ ಸೌಕರ್ಯ, ಕೃಷಿ, ಕೈಗಾರಿಕೆ, ನೀರಾವರಿ ಹಾಗೂ ಇತರೆ ಕ್ಷೇತ್ರಗಳಲ್ಲಿ ಅಭಿವೃದ್ಧಿ ಸೂಚ್ಯಂಕ ನಿಗದಿಪಡಿಸಲಾಗುತ್ತದೆ.
ಸರ್ಕಾರಕ್ಕೆ ಶಿಫಾರಸ್ಸು ಮಾಡಲಾಗುತ್ತದೆ ಎಂದರು. ಕೃಷಿ ಮತ್ತು ಕೈಗಾರಿಕೆಗೆ ಒತ್ತು ನೀಡಬೇಕು: ಶಾಸಕ ಬಸವಂತಪ್ಪ, ಜಿಲ್ಲೆಯ ಕೃಷಿ ಮತ್ತು ಕೈಗಾರಿಕೋದ್ಯಮದಲ್ಲಿ ಪ್ರಥಮ ಸ್ಥಾನದಲ್ಲಿದೆ. ಜಿಲ್ಲೆಯಲ್ಲಿ ಪ್ರಸ್ತುತ ಅಧಿಕಾರವಿರುವ ಸಂಸ್ಥೆಗಳು ಹಾಗೂ ನೀರಾವರಿ ಸೌಲಭ್ಯಗಳನ್ನು ಕಲ್ಪಿಸುವ ನಿಟ್ಟಿನಲ್ಲಿ ಗಮನಹರಿಸಬೇಕು. ಚನ್ನಗಿರಿ ಶಾಸಕ ಬಸವರಾಜ್ ವಿ. ಶಿವಗಂಗಾ ಮಾತನಾಡಿ, ಪ್ರಾದೇಶಿಕ ಅಸಮತೋಲನ ನಿವಾರಣೆಗೆ ಸಮಗ್ರ ಅಭಿವೃದ್ಧಿಯ ದೃಷ್ಟಿಯಿಂದ ಯೋಜನೆ ರೂಪಿಸಿ ಜಿಲ್ಲೆಯ ಅಭಿವೃದ್ಧಿಗೆ ಪೂರಕವಾದ ಯೋಜನೆಗಳನ್ನು ಜಾರಿಗೊಳಿಸಬೇಕು ಎಂದರು.
ಉದ್ಯೋಗಾವಕಾಶಗಳು ಸಹ ಹೆಚ್ಚಲಿದೆ ಎಂದು ಸಲಹೆ ನೀಡಿದರು. ಜಿಲ್ಲಾಧಿಕಾರಿ ಹಾಗೂ ಜಿ.ಪಂ. ಮುಖ್ಯ ಕಾರ್ಯನಿರ್ವಾಹಕ ಅಧಿಕಾರಿ ಡಾ.ಸುರೇಶ್ ಬಿ.ಇಟ್ನಾಳ್ ಮಾತನಾಡಿ, ಅಂಗನವಾಡಿ ಕೇಂದ್ರಗಳಲ್ಲಿರುವ ಮಕ್ಕಳ ಕಲಿಕಾ ಸಾಮರ್ಥ್ಯ ಹೆಚ್ಚಿಸಲು ತರಬೇತಿ ನೀಡಲಾಗುತ್ತಿದೆ. ಶಾಲೆಗಳಲ್ಲಿ ಗುಣಮಟ್ಟದ ಶಿಕ್ಷಣ ಒದಗಿಸಲು ವಿವಿಧ ಕ್ರಮ ಕೈಗೊಳ್ಳಲಾಗಿದೆ. ಈ ವೇಳೆ ಸಮಿತಿ ಸದಸ್ಯ ಕಾರ್ಯದರ್ಶಿ ಡಾ. ವಿಶಾಲ್, ಜಿಲ್ಲಾ ರಕ್ಷಣಾಧಿಕಾರಿ ಉಮಾಪ್ರಶಾಂತ್, ಹೆಚ್ಚುವರಿ ಜಿಲ್ಲಾಧಿಕಾರಿ ಪಿ.ಎನ್.ಲೋಕೇಶ್ ಹಾಗೂ ವಿವಿಧ ಇಲಾಖೆಗಳ ಅಧಿಕಾರಿಗಳು ಉಪಸ್ಥಿತರಿದ್ದರು.
PANADAVA REGIONAL KANNADA DAILY MORNING, Editor, Printer & Owner by :S.T. VEDAMURTHY, A.P.M.C Road, Halageri Chawl, Ranebennur - 581 115
Haveri - Dist, Karnataka State, Printed at : GAYATHRI PUBLICATIONS, Nekar Colony, Industrial Area, Ranebennur, Haveri Dist, Karnataka State
